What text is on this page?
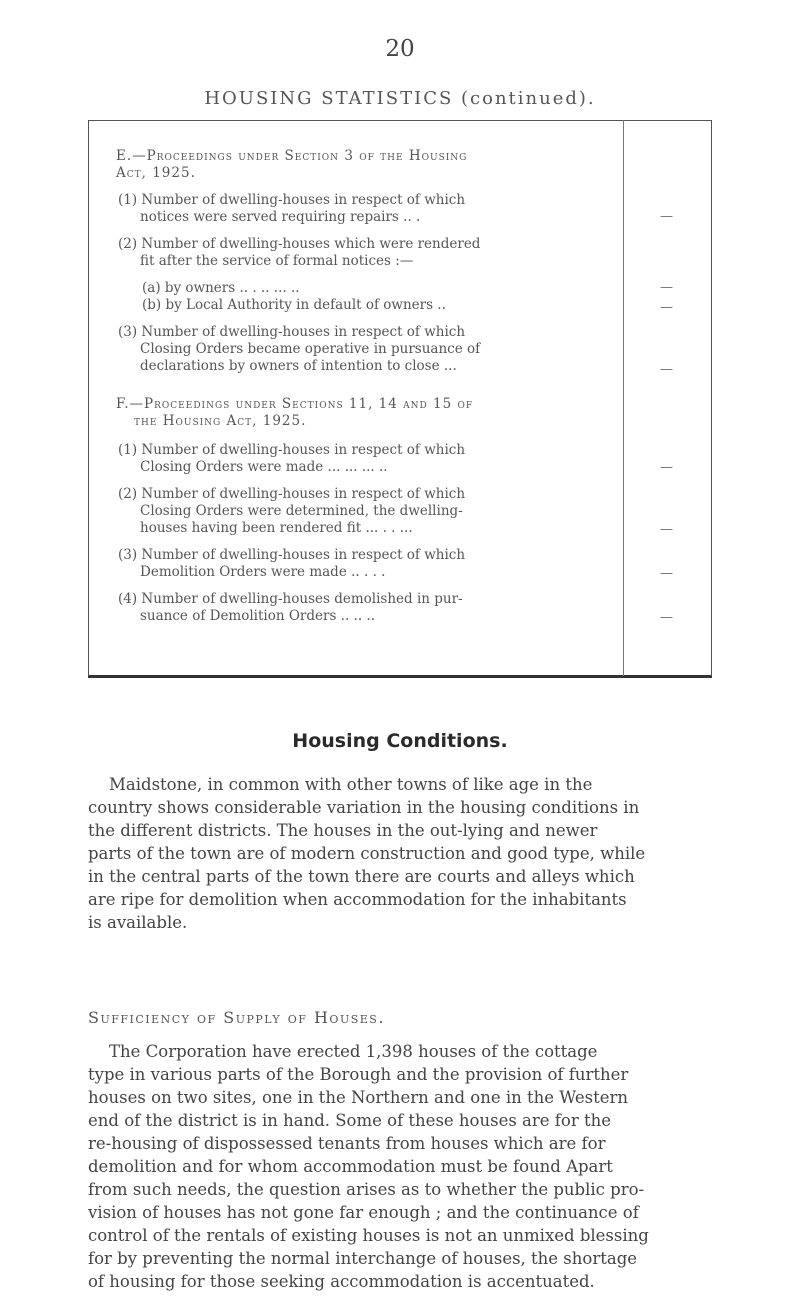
20
HOUSING STATISTICS (continued).
E.—Proceedings under Section 3 of the Housing
Act, 1925.
(1) Number of dwelling-houses in respect of which
notices were served requiring repairs .. .	—
(2) Number of dwelling-houses which were rendered
fit after the service of formal notices :—
(a) by owners .. . .. ... ..	—
(b) by Local Authority in default of owners ..	—
(3) Number of dwelling-houses in respect of which
Closing Orders became operative in pursuance of
declarations by owners of intention to close ...	—
F.—Proceedings under Sections 11, 14 and 15 of
the Housing Act, 1925.
(1) Number of dwelling-houses in respect of which
Closing Orders were made ... ... ... ..	—
(2) Number of dwelling-houses in respect of which
Closing Orders were determined, the dwelling-
houses having been rendered fit ... . . ...	—
(3) Number of dwelling-houses in respect of which
Demolition Orders were made .. . . .	—
(4) Number of dwelling-houses demolished in pur-
suance of Demolition Orders .. .. ..	—
Housing Conditions.
Maidstone, in common with other towns of like age in the
country shows considerable variation in the housing conditions in
the different districts. The houses in the out-lying and newer
parts of the town are of modern construction and good type, while
in the central parts of the town there are courts and alleys which
are ripe for demolition when accommodation for the inhabitants
is available.
Sufficiency of Supply of Houses.
The Corporation have erected 1,398 houses of the cottage
type in various parts of the Borough and the provision of further
houses on two sites, one in the Northern and one in the Western
end of the district is in hand. Some of these houses are for the
re-housing of dispossessed tenants from houses which are for
demolition and for whom accommodation must be found Apart
from such needs, the question arises as to whether the public pro-
vision of houses has not gone far enough ; and the continuance of
control of the rentals of existing houses is not an unmixed blessing
for by preventing the normal interchange of houses, the shortage
of housing for those seeking accommodation is accentuated.
